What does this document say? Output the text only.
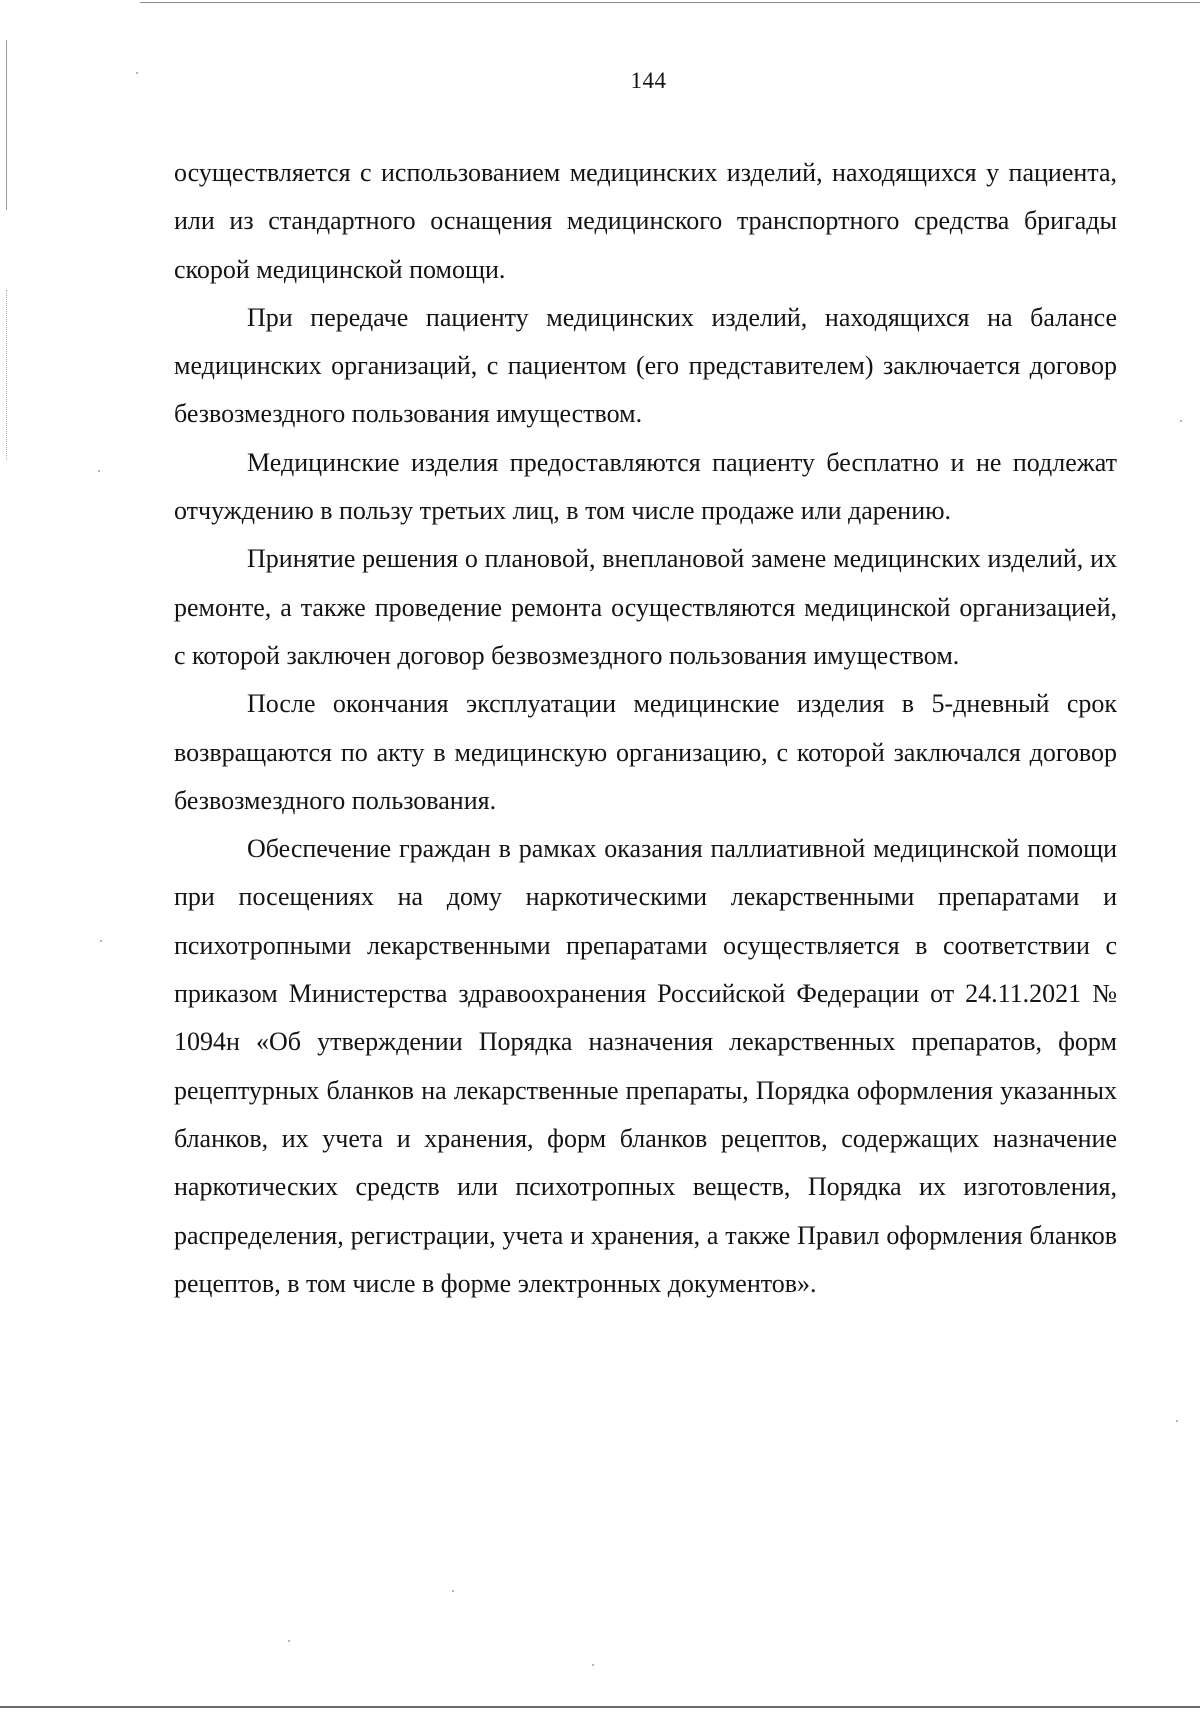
144

осуществляется с использованием медицинских изделий, находящихся у пациента, или из стандартного оснащения медицинского транспортного средства бригады скорой медицинской помощи.

При передаче пациенту медицинских изделий, находящихся на балансе медицинских организаций, с пациентом (его представителем) заключается договор безвозмездного пользования имуществом.

Медицинские изделия предоставляются пациенту бесплатно и не подлежат отчуждению в пользу третьих лиц, в том числе продаже или дарению.

Принятие решения о плановой, внеплановой замене медицинских изделий, их ремонте, а также проведение ремонта осуществляются медицинской организацией, с которой заключен договор безвозмездного пользования имуществом.

После окончания эксплуатации медицинские изделия в 5-дневный срок возвращаются по акту в медицинскую организацию, с которой заключался договор безвозмездного пользования.

Обеспечение граждан в рамках оказания паллиативной медицинской помощи при посещениях на дому наркотическими лекарственными препаратами и психотропными лекарственными препаратами осуществляется в соответствии с приказом Министерства здравоохранения Российской Федерации от 24.11.2021 № 1094н «Об утверждении Порядка назначения лекарственных препаратов, форм рецептурных бланков на лекарственные препараты, Порядка оформления указанных бланков, их учета и хранения, форм бланков рецептов, содержащих назначение наркотических средств или психотропных веществ, Порядка их изготовления, распределения, регистрации, учета и хранения, а также Правил оформления бланков рецептов, в том числе в форме электронных документов».
